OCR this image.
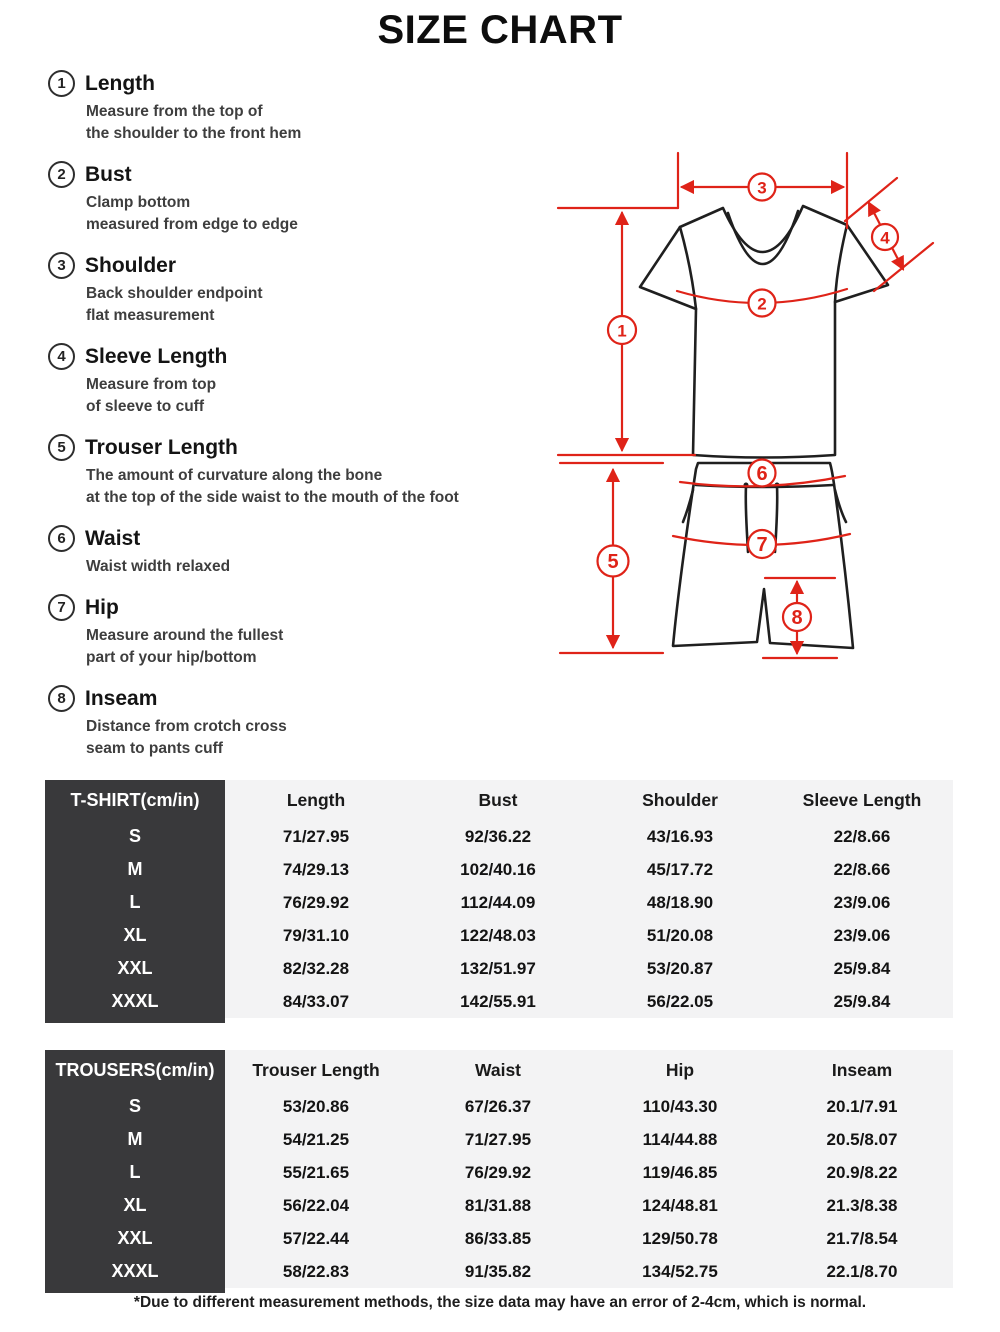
SIZE CHART
1 Length
Measure from the top of
the shoulder to the front hem
2 Bust
Clamp bottom
measured from edge to edge
3 Shoulder
Back shoulder endpoint
flat measurement
4 Sleeve Length
Measure from top
of sleeve to cuff
5 Trouser Length
The amount of curvature along the bone
at the top of the side waist to the mouth of the foot
6 Waist
Waist width relaxed
7 Hip
Measure around the fullest
part of your hip/bottom
8 Inseam
Distance from crotch cross
seam to pants cuff
1
3
2
4
5
6
7
8
T-SHIRT(cm/in)	Length	Bust	Shoulder	Sleeve Length
S	71/27.95	92/36.22	43/16.93	22/8.66
M	74/29.13	102/40.16	45/17.72	22/8.66
L	76/29.92	112/44.09	48/18.90	23/9.06
XL	79/31.10	122/48.03	51/20.08	23/9.06
XXL	82/32.28	132/51.97	53/20.87	25/9.84
XXXL	84/33.07	142/55.91	56/22.05	25/9.84
TROUSERS(cm/in)	Trouser Length	Waist	Hip	Inseam
S	53/20.86	67/26.37	110/43.30	20.1/7.91
M	54/21.25	71/27.95	114/44.88	20.5/8.07
L	55/21.65	76/29.92	119/46.85	20.9/8.22
XL	56/22.04	81/31.88	124/48.81	21.3/8.38
XXL	57/22.44	86/33.85	129/50.78	21.7/8.54
XXXL	58/22.83	91/35.82	134/52.75	22.1/8.70
*Due to different measurement methods, the size data may have an error of 2-4cm, which is normal.
